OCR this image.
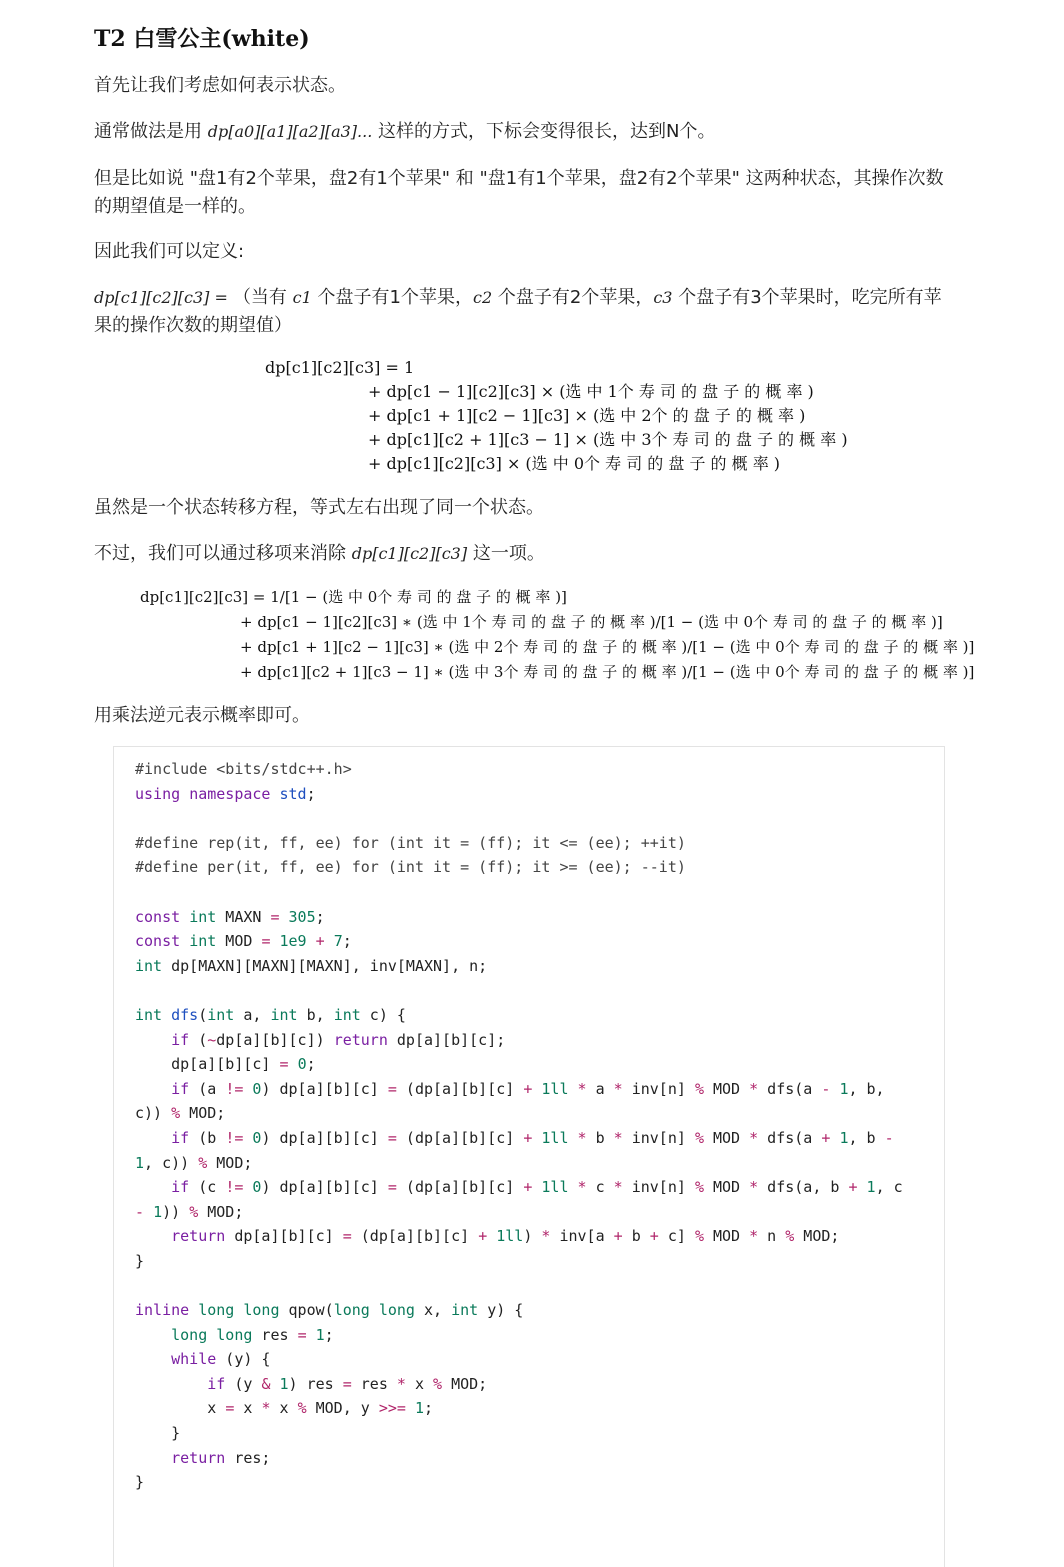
T2 白雪公主(white)

首先让我们考虑如何表示状态。

通常做法是用 dp[a0][a1][a2][a3]... 这样的方式，下标会变得很长，达到N个。

但是比如说 "盘1有2个苹果，盘2有1个苹果" 和 "盘1有1个苹果，盘2有2个苹果" 这两种状态，其操作次数的期望值是一样的。

因此我们可以定义:

dp[c1][c2][c3] = （当有 c1 个盘子有1个苹果，c2 个盘子有2个苹果，c3 个盘子有3个苹果时，吃完所有苹果的操作次数的期望值）

dp[c1][c2][c3] = 1

+ dp[c1 − 1][c2][c3] × (选 中 1个 寿 司 的 盘 子 的 概 率 )

+ dp[c1 + 1][c2 − 1][c3] × (选 中 2个 的 盘 子 的 概 率 )

+ dp[c1][c2 + 1][c3 − 1] × (选 中 3个 寿 司 的 盘 子 的 概 率 )

+ dp[c1][c2][c3] × (选 中 0个 寿 司 的 盘 子 的 概 率 )

虽然是一个状态转移方程，等式左右出现了同一个状态。

不过，我们可以通过移项来消除 dp[c1][c2][c3] 这一项。

dp[c1][c2][c3] = 1/[1 − (选 中 0个 寿 司 的 盘 子 的 概 率 )]

+ dp[c1 − 1][c2][c3] ∗ (选 中 1个 寿 司 的 盘 子 的 概 率 )/[1 − (选 中 0个 寿 司 的 盘 子 的 概 率 )]

+ dp[c1 + 1][c2 − 1][c3] ∗ (选 中 2个 寿 司 的 盘 子 的 概 率 )/[1 − (选 中 0个 寿 司 的 盘 子 的 概 率 )]

+ dp[c1][c2 + 1][c3 − 1] ∗ (选 中 3个 寿 司 的 盘 子 的 概 率 )/[1 − (选 中 0个 寿 司 的 盘 子 的 概 率 )]

用乘法逆元表示概率即可。

#include <bits/stdc++.h>
using namespace std;

#define rep(it, ff, ee) for (int it = (ff); it <= (ee); ++it)
#define per(it, ff, ee) for (int it = (ff); it >= (ee); --it)

const int MAXN = 305;
const int MOD = 1e9 + 7;
int dp[MAXN][MAXN][MAXN], inv[MAXN], n;

int dfs(int a, int b, int c) {
if (~dp[a][b][c]) return dp[a][b][c];
dp[a][b][c] = 0;
if (a != 0) dp[a][b][c] = (dp[a][b][c] + 1ll * a * inv[n] % MOD * dfs(a - 1, b,
c)) % MOD;
if (b != 0) dp[a][b][c] = (dp[a][b][c] + 1ll * b * inv[n] % MOD * dfs(a + 1, b -
1, c)) % MOD;
if (c != 0) dp[a][b][c] = (dp[a][b][c] + 1ll * c * inv[n] % MOD * dfs(a, b + 1, c
- 1)) % MOD;
return dp[a][b][c] = (dp[a][b][c] + 1ll) * inv[a + b + c] % MOD * n % MOD;
}

inline long long qpow(long long x, int y) {
long long res = 1;
while (y) {
if (y & 1) res = res * x % MOD;
x = x * x % MOD, y >>= 1;
}
return res;
}
